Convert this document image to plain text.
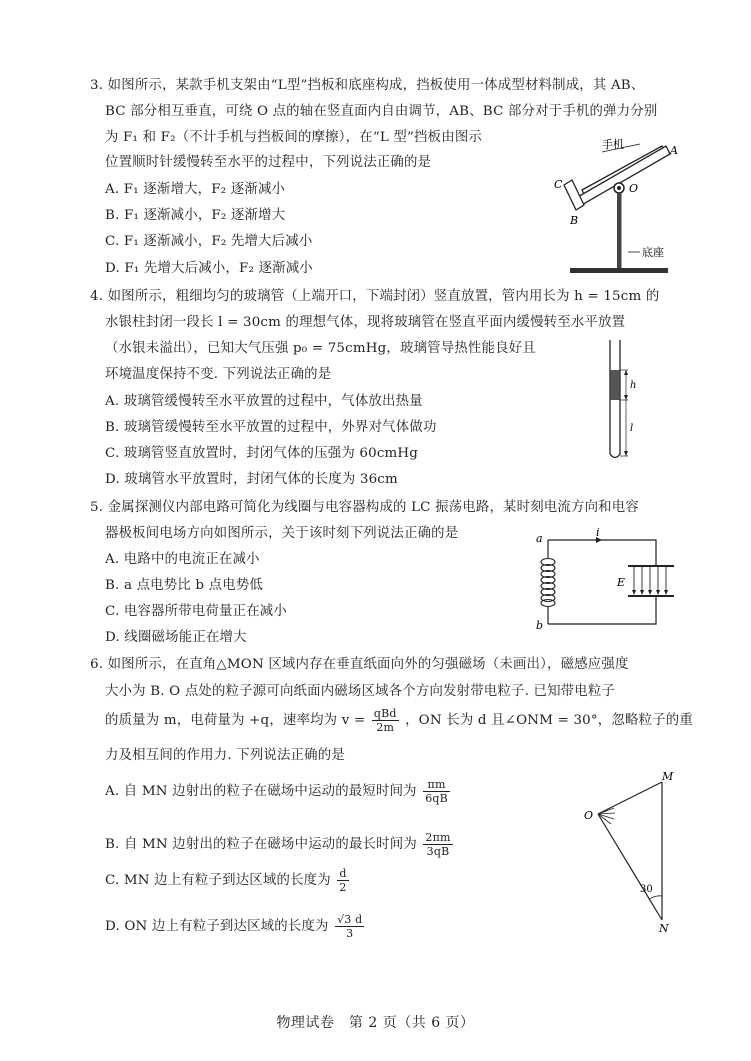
3. 如图所示，某款手机支架由“L型”挡板和底座构成，挡板使用一体成型材料制成，其 AB、
BC 部分相互垂直，可绕 O 点的轴在竖直面内自由调节，AB、BC 部分对于手机的弹力分别
为 F₁ 和 F₂（不计手机与挡板间的摩擦），在“L 型”挡板由图示
位置顺时针缓慢转至水平的过程中，下列说法正确的是
A. F₁ 逐渐增大，F₂ 逐渐减小
B. F₁ 逐渐减小，F₂ 逐渐增大
C. F₁ 逐渐减小，F₂ 先增大后减小
D. F₁ 先增大后减小，F₂ 逐渐减小
手机	A
C
B
O
底座
4. 如图所示，粗细均匀的玻璃管（上端开口，下端封闭）竖直放置，管内用长为 h = 15cm 的
水银柱封闭一段长 l = 30cm 的理想气体，现将玻璃管在竖直平面内缓慢转至水平放置
（水银未溢出），已知大气压强 p₀ = 75cmHg，玻璃管导热性能良好且
环境温度保持不变. 下列说法正确的是
A. 玻璃管缓慢转至水平放置的过程中，气体放出热量
B. 玻璃管缓慢转至水平放置的过程中，外界对气体做功
C. 玻璃管竖直放置时，封闭气体的压强为 60cmHg
D. 玻璃管水平放置时，封闭气体的长度为 36cm
h
l
5. 金属探测仪内部电路可简化为线圈与电容器构成的 LC 振荡电路，某时刻电流方向和电容
器极板间电场方向如图所示，关于该时刻下列说法正确的是
A. 电路中的电流正在减小
B. a 点电势比 b 点电势低
C. 电容器所带电荷量正在减小
D. 线圈磁场能正在增大
E
i
a
b
6. 如图所示，在直角△MON 区域内存在垂直纸面向外的匀强磁场（未画出），磁感应强度
大小为 B. O 点处的粒子源可向纸面内磁场区域各个方向发射带电粒子. 已知带电粒子
的质量为 m，电荷量为 +q，速率均为 $v = \frac{\text{qBd}}{2m}$ ，ON 长为 d 且∠ONM = 30°，忽略粒子的重
力及相互间的作用力. 下列说法正确的是
A. 自 MN 边射出的粒子在磁场中运动的最短时间为 $\frac{\pi m}{6qB}$
B. 自 MN 边射出的粒子在磁场中运动的最长时间为 $\frac{2\pi m}{3qB}$
C. MN 边上有粒子到达区域的长度为 $\frac{d}{2}$
D. ON 边上有粒子到达区域的长度为 $\frac{√3 d}{3}$
M
O
N
30
物理试卷　第 2 页（共 6 页）
